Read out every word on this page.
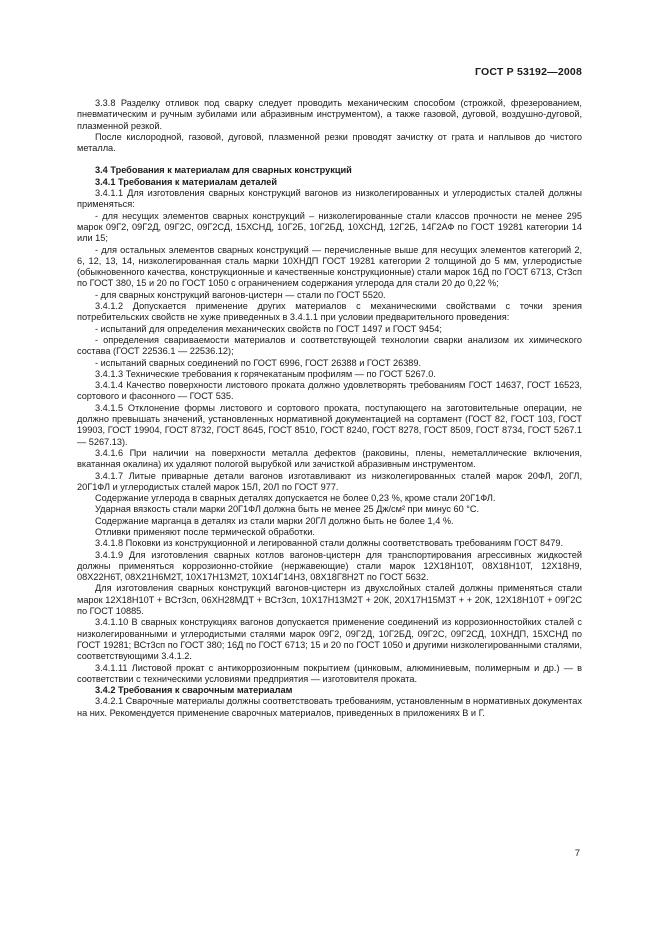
ГОСТ Р 53192—2008

3.3.8 Разделку отливок под сварку следует проводить механическим способом (строжкой, фрезерованием, пневматическим и ручным зубилами или абразивным инструментом), а также газовой, дуговой, воздушно-дуговой, плазменной резкой.

После кислородной, газовой, дуговой, плазменной резки проводят зачистку от грата и наплывов до чистого металла.

3.4 Требования к материалам для сварных конструкций

3.4.1 Требования к материалам деталей

3.4.1.1 Для изготовления сварных конструкций вагонов из низколегированных и углеродистых сталей должны применяться:

- для несущих элементов сварных конструкций – низколегированные стали классов прочности не менее 295 марок 09Г2, 09Г2Д, 09Г2С, 09Г2СД, 15ХСНД, 10Г2Б, 10Г2БД, 10ХСНД, 12Г2Б, 14Г2АФ по ГОСТ 19281 категории 14 или 15;

- для остальных элементов сварных конструкций — перечисленные выше для несущих элементов категорий 2, 6, 12, 13, 14, низколегированная сталь марки 10ХНДП ГОСТ 19281 категории 2 толщиной до 5 мм, углеродистые (обыкновенного качества, конструкционные и качественные конструкционные) стали марок 16Д по ГОСТ 6713, Ст3сп по ГОСТ 380, 15 и 20 по ГОСТ 1050 с ограничением содержания углерода для стали 20 до 0,22 %;

- для сварных конструкций вагонов-цистерн — стали по ГОСТ 5520.

3.4.1.2 Допускается применение других материалов с механическими свойствами с точки зрения потребительских свойств не хуже приведенных в 3.4.1.1 при условии предварительного проведения:

- испытаний для определения механических свойств по ГОСТ 1497 и ГОСТ 9454;

- определения свариваемости материалов и соответствующей технологии сварки анализом их химического состава (ГОСТ 22536.1 — 22536.12);

- испытаний сварных соединений по ГОСТ 6996, ГОСТ 26388 и ГОСТ 26389.

3.4.1.3 Технические требования к горячекатаным профилям — по ГОСТ 5267.0.

3.4.1.4 Качество поверхности листового проката должно удовлетворять требованиям ГОСТ 14637, ГОСТ 16523, сортового и фасонного — ГОСТ 535.

3.4.1.5 Отклонение формы листового и сортового проката, поступающего на заготовительные операции, не должно превышать значений, установленных нормативной документацией на сортамент (ГОСТ 82, ГОСТ 103, ГОСТ 19903, ГОСТ 19904, ГОСТ 8732, ГОСТ 8645, ГОСТ 8510, ГОСТ 8240, ГОСТ 8278, ГОСТ 8509, ГОСТ 8734, ГОСТ 5267.1 — 5267.13).

3.4.1.6 При наличии на поверхности металла дефектов (раковины, плены, неметаллические включения, вкатанная окалина) их удаляют пологой вырубкой или зачисткой абразивным инструментом.

3.4.1.7 Литые приварные детали вагонов изготавливают из низколегированных сталей марок 20ФЛ, 20ГЛ, 20Г1ФЛ и углеродистых сталей марок 15Л, 20Л по ГОСТ 977.

Содержание углерода в сварных деталях допускается не более 0,23 %, кроме стали 20Г1ФЛ.

Ударная вязкость стали марки 20Г1ФЛ должна быть не менее 25 Дж/см² при минус 60 °С.

Содержание марганца в деталях из стали марки 20ГЛ должно быть не более 1,4 %.

Отливки применяют после термической обработки.

3.4.1.8 Поковки из конструкционной и легированной стали должны соответствовать требованиям ГОСТ 8479.

3.4.1.9 Для изготовления сварных котлов вагонов-цистерн для транспортирования агрессивных жидкостей должны применяться коррозионно-стойкие (нержавеющие) стали марок 12Х18Н10Т, 08Х18Н10Т, 12Х18Н9, 08Х22Н6Т, 08Х21Н6М2Т, 10Х17Н13М2Т, 10Х14Г14Н3, 08Х18Г8Н2Т по ГОСТ 5632.

Для изготовления сварных конструкций вагонов-цистерн из двухслойных сталей должны применяться стали марок 12Х18Н10Т + ВСт3сп, 06ХН28МДТ + ВСт3сп, 10Х17Н13М2Т + 20К, 20Х17Н15М3Т + + 20К, 12Х18Н10Т + 09Г2С по ГОСТ 10885.

3.4.1.10 В сварных конструкциях вагонов допускается применение соединений из коррозионностойких сталей с низколегированными и углеродистыми сталями марок 09Г2, 09Г2Д, 10Г2БД, 09Г2С, 09Г2СД, 10ХНДП, 15ХСНД по ГОСТ 19281; ВСт3сп по ГОСТ 380; 16Д по ГОСТ 6713; 15 и 20 по ГОСТ 1050 и другими низколегированными сталями, соответствующими 3.4.1.2.

3.4.1.11 Листовой прокат с антикоррозионным покрытием (цинковым, алюминиевым, полимерным и др.) — в соответствии с техническими условиями предприятия — изготовителя проката.

3.4.2 Требования к сварочным материалам

3.4.2.1 Сварочные материалы должны соответствовать требованиям, установленным в нормативных документах на них. Рекомендуется применение сварочных материалов, приведенных в приложениях В и Г.

7
